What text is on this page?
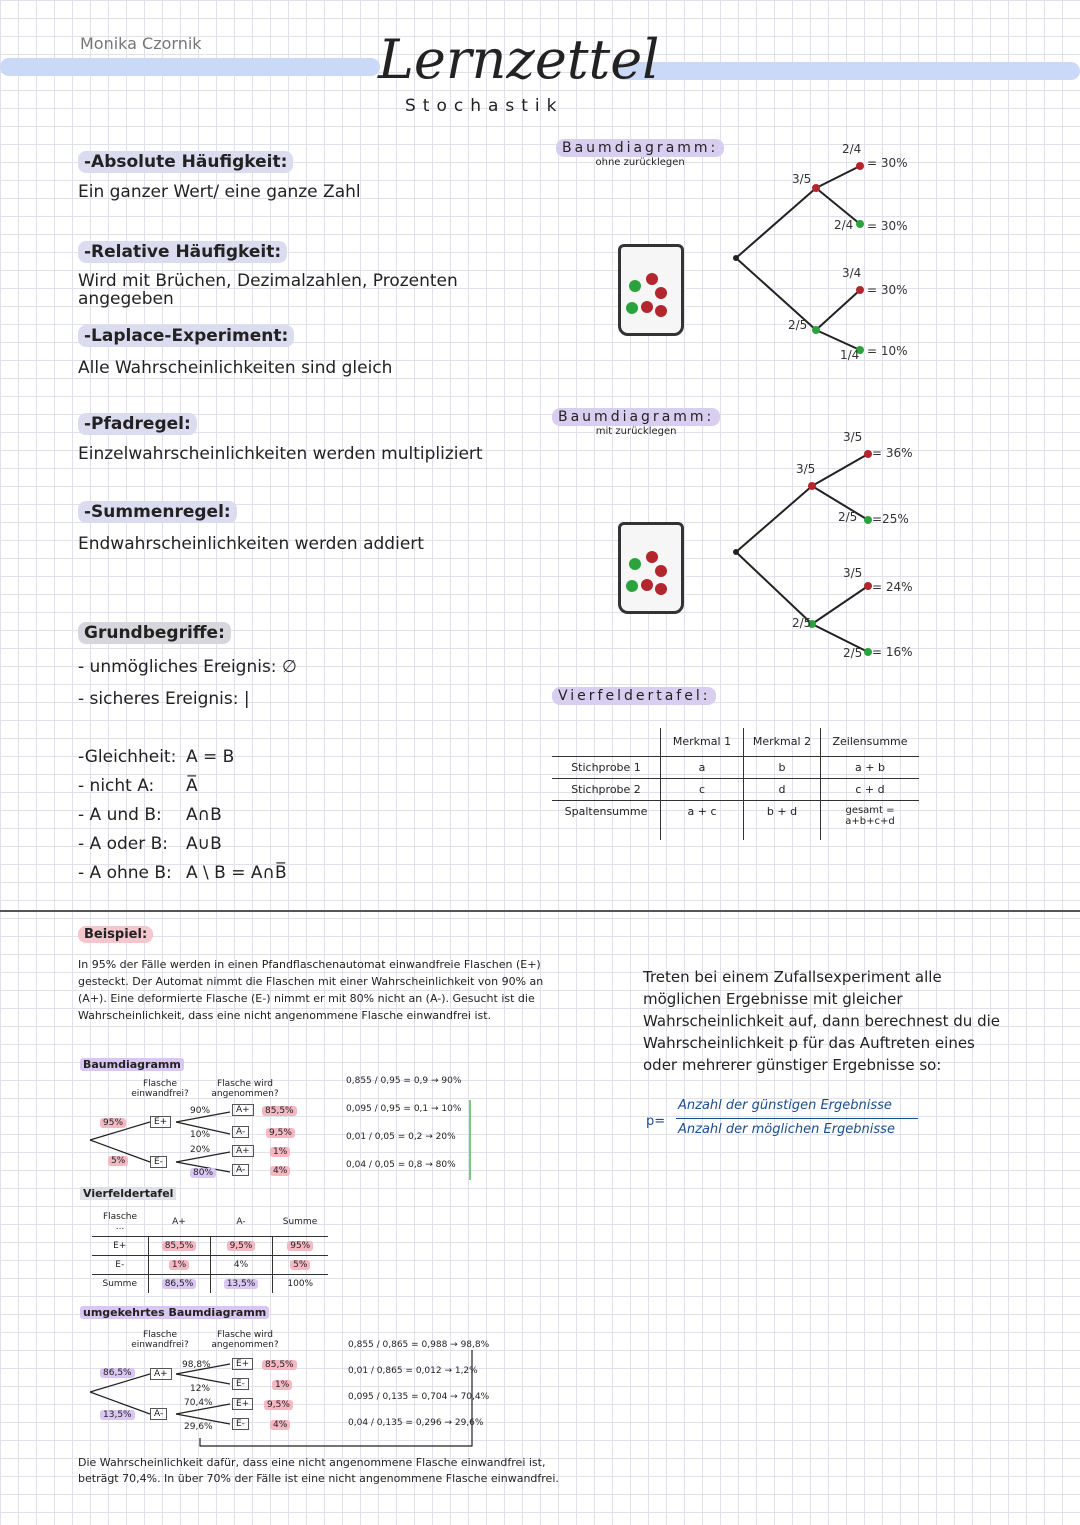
Monika Czornik	Lernzettel
Stochastik
-Absolute Häufigkeit:
Ein ganzer Wert/ eine ganze Zahl
-Relative Häufigkeit:
Wird mit Brüchen, Dezimalzahlen, Prozenten angegeben
-Laplace-Experiment:
Alle Wahrscheinlichkeiten sind gleich
-Pfadregel:
Einzelwahrscheinlichkeiten werden multipliziert
-Summenregel:
Endwahrscheinlichkeiten werden addiert
Grundbegriffe:
- unmögliches Ereignis: ∅
- sicheres Ereignis: |
-Gleichheit: A = B
- nicht A:	A̅
- A und B:	A∩B
- A oder B:	A∪B
- A ohne B: A \ B = A∩B̅
Baumdiagramm:
ohne zurücklegen
3/5
2/5
2/4
2/4
3/4
1/4
= 30%
= 30%
= 30%
= 10%
Baumdiagramm:
mit zurücklegen
3/5
2/5
3/5
2/5
3/5
2/5
= 36%
=25%
= 24%
= 16%
Vierfeldertafel:
	Merkmal 1	Merkmal 2	Zeilensumme
Stichprobe 1	a	b	a + b
Stichprobe 2	c	d	c + d
Spaltensumme	a + c	b + d	gesamt = a+b+c+d
Beispiel:
In 95% der Fälle werden in einen Pfandflaschenautomat einwandfreie Flaschen (E+) gesteckt. Der Automat nimmt die Flaschen mit einer Wahrscheinlichkeit von 90% an (A+). Eine deformierte Flasche (E-) nimmt er mit 80% nicht an (A-). Gesucht ist die Wahrscheinlichkeit, dass eine nicht angenommene Flasche einwandfrei ist.
Baumdiagramm
Flasche einwandfrei?
Flasche wird angenommen?
95%
5%
E+
E-
90%
10%
20%
80%
A+
A-
A+
A-
85,5%
9,5%
1%
4%
0,855 / 0,95 = 0,9 → 90%
0,095 / 0,95 = 0,1 → 10%
0,01 / 0,05 = 0,2 → 20%
0,04 / 0,05 = 0,8 → 80%
Vierfeldertafel
Flasche ...	A+	A-	Summe
E+	85,5%	9,5%	95%
E-	1%	4%	5%
Summe	86,5%	13,5%	100%
umgekehrtes Baumdiagramm
Flasche einwandfrei?
Flasche wird angenommen?
86,5%
13,5%
A+
A-
98,8%
12%
70,4%
29,6%
E+
E-
E+
E-
85,5%
1%
9,5%
4%
0,855 / 0,865 = 0,988 → 98,8%
0,01 / 0,865 = 0,012 → 1,2%
0,095 / 0,135 = 0,704 → 70,4%
0,04 / 0,135 = 0,296 → 29,6%
Die Wahrscheinlichkeit dafür, dass eine nicht angenommene Flasche einwandfrei ist, beträgt 70,4%. In über 70% der Fälle ist eine nicht angenommene Flasche einwandfrei.
Treten bei einem Zufallsexperiment alle möglichen Ergebnisse mit gleicher Wahrscheinlichkeit auf, dann berechnest du die Wahrscheinlichkeit p für das Auftreten eines oder mehrerer günstiger Ergebnisse so:
p=
Anzahl der günstigen Ergebnisse
Anzahl der möglichen Ergebnisse
